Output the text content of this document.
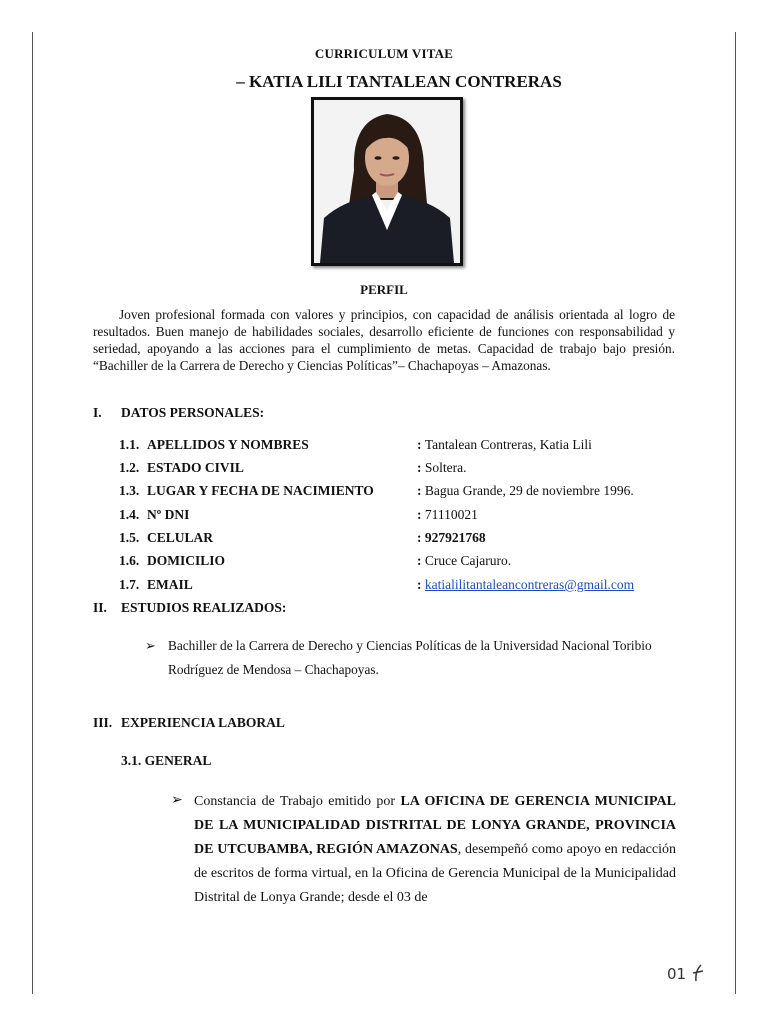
CURRICULUM VITAE
– KATIA LILI TANTALEAN CONTRERAS
PERFIL
Joven profesional formada con valores y principios, con capacidad de análisis orientada al logro de resultados. Buen manejo de habilidades sociales, desarrollo eficiente de funciones con responsabilidad y seriedad, apoyando a las acciones para el cumplimiento de metas. Capacidad de trabajo bajo presión. “Bachiller de la Carrera de Derecho y Ciencias Políticas”– Chachapoyas – Amazonas.
I. DATOS PERSONALES:
1.1. APELLIDOS Y NOMBRES	: Tantalean Contreras, Katia Lili
1.2. ESTADO CIVIL	: Soltera.
1.3. LUGAR Y FECHA DE NACIMIENTO	: Bagua Grande, 29 de noviembre 1996.
1.4. Nº DNI	: 71110021
1.5. CELULAR	: 927921768
1.6. DOMICILIO	: Cruce Cajaruro.
1.7. EMAIL	: katialilitantaleancontreras@gmail.com
II. ESTUDIOS REALIZADOS:
➢ Bachiller de la Carrera de Derecho y Ciencias Políticas de la Universidad Nacional Toribio
Rodríguez de Mendosa – Chachapoyas.
III. EXPERIENCIA LABORAL
3.1. GENERAL
➢ Constancia de Trabajo emitido por LA OFICINA DE GERENCIA MUNICIPAL DE LA MUNICIPALIDAD DISTRITAL DE LONYA GRANDE, PROVINCIA DE UTCUBAMBA, REGIÓN AMAZONAS, desempeñó como apoyo en redacción de escritos de forma virtual, en la Oficina de Gerencia Municipal de la Municipalidad Distrital de Lonya Grande; desde el 03 de
01
